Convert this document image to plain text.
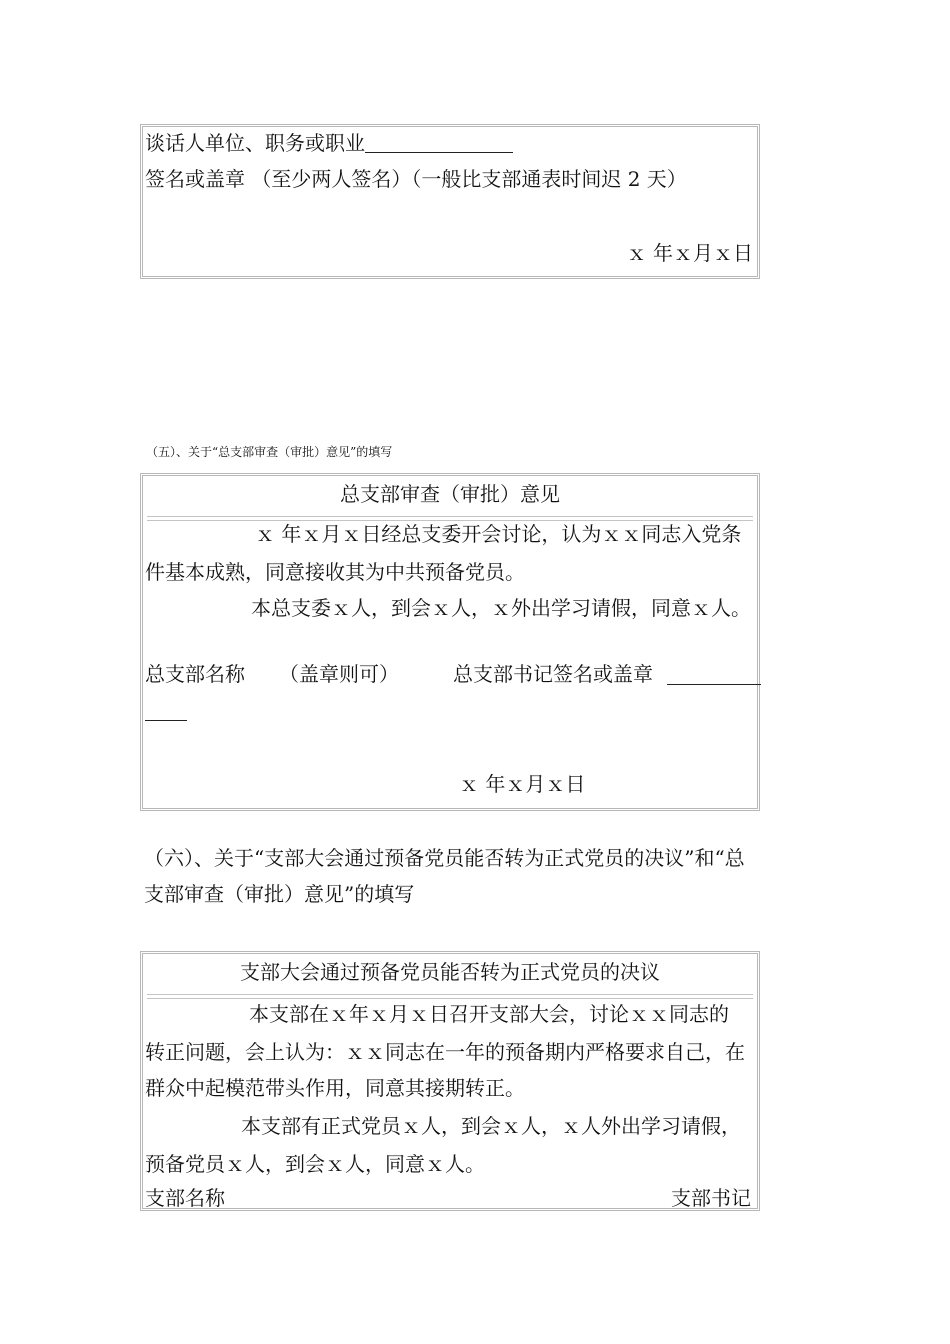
谈话人单位、职务或职业
签名或盖章 （至少两人签名）（一般比支部通表时间迟 2 天）
ｘ 年ｘ月ｘ日
（五）、关于“总支部审查（审批）意见”的填写
总支部审查（审批）意见
ｘ 年ｘ月ｘ日经总支委开会讨论，认为ｘｘ同志入党条
件基本成熟，同意接收其为中共预备党员。
本总支委ｘ人，到会ｘ人，ｘ外出学习请假，同意ｘ人。
总支部名称 （盖章则可）	总支部书记签名或盖章
ｘ 年ｘ月ｘ日
（六）、关于“支部大会通过预备党员能否转为正式党员的决议”和“总
支部审查（审批）意见”的填写
支部大会通过预备党员能否转为正式党员的决议
本支部在ｘ年ｘ月ｘ日召开支部大会，讨论ｘｘ同志的
转正问题，会上认为：ｘｘ同志在一年的预备期内严格要求自己，在
群众中起模范带头作用，同意其接期转正。
本支部有正式党员ｘ人，到会ｘ人，ｘ人外出学习请假，
预备党员ｘ人，到会ｘ人，同意ｘ人。
支部名称	支部书记
